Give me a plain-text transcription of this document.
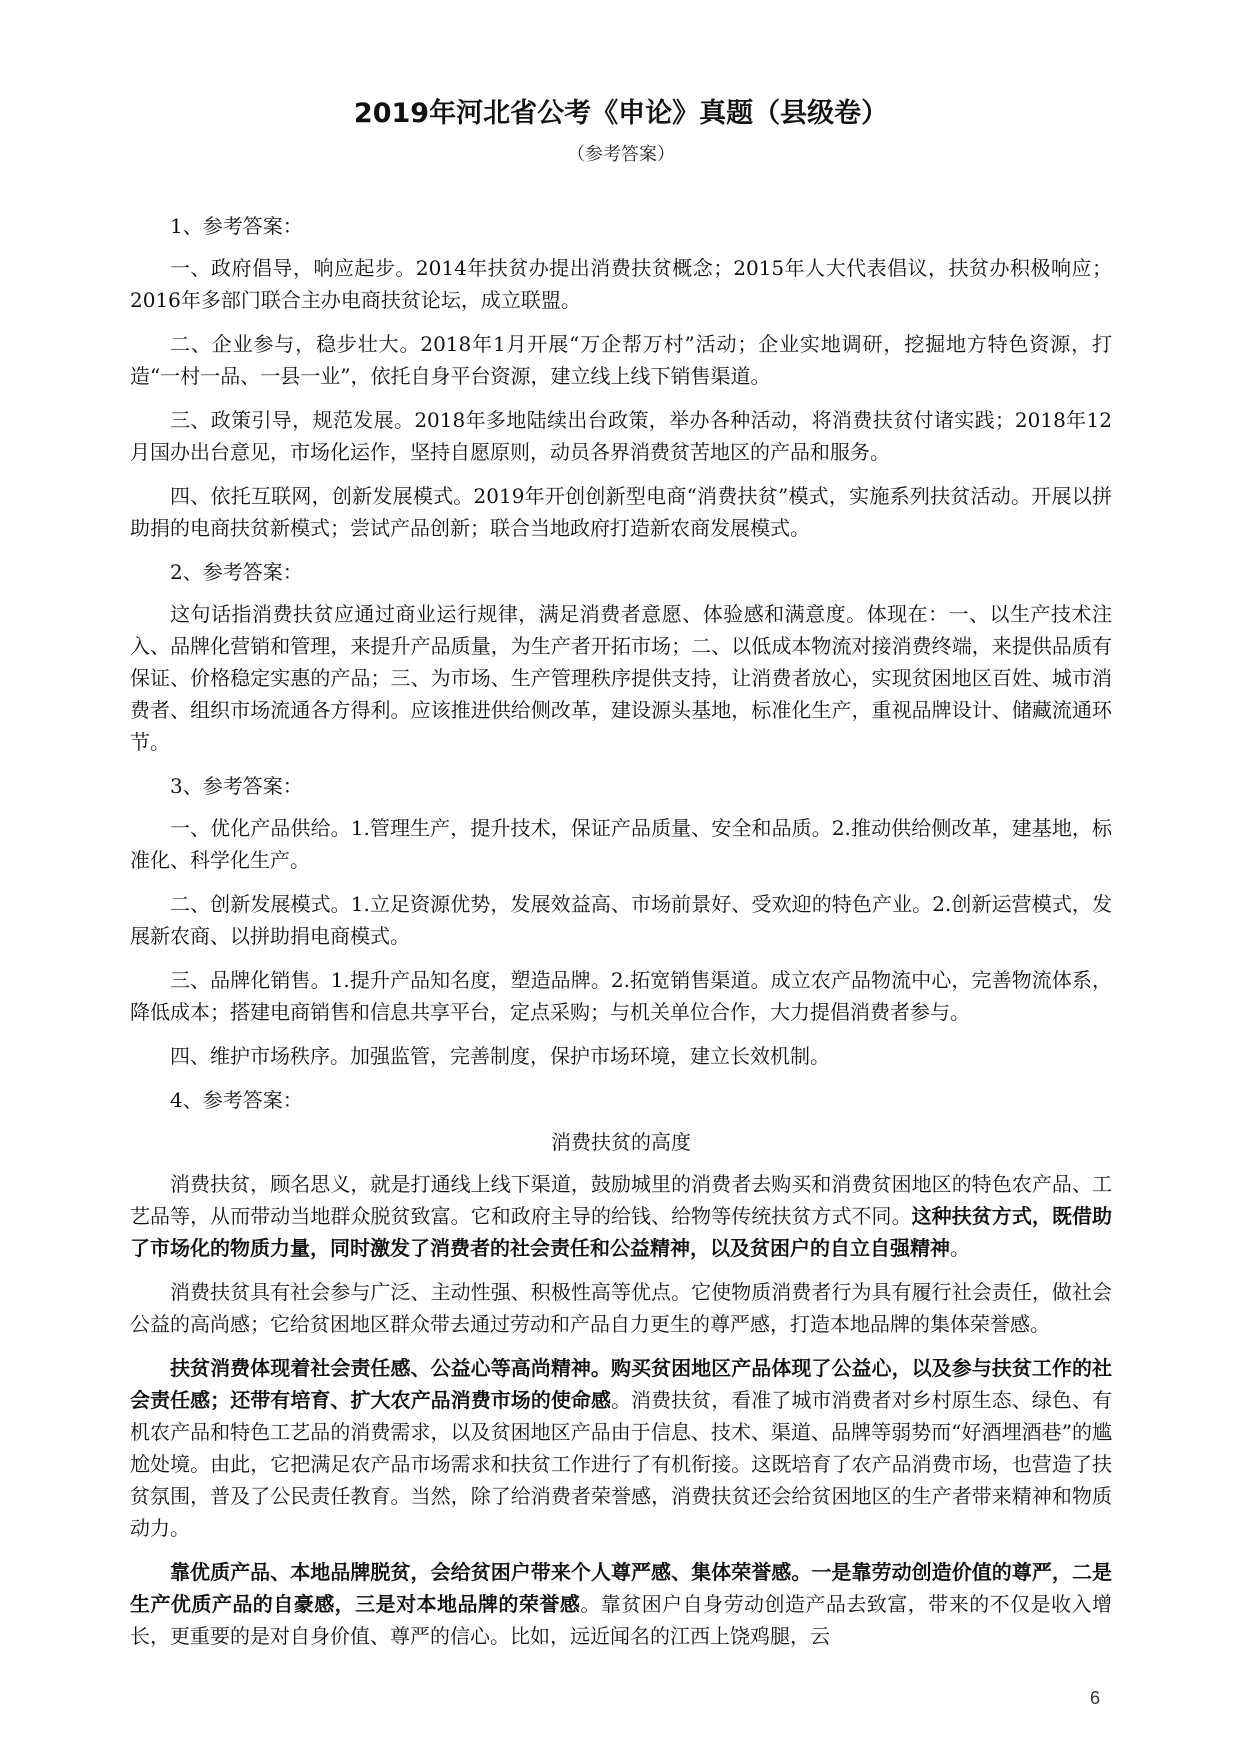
2019年河北省公考《申论》真题（县级卷）
（参考答案）

1、参考答案：

一、政府倡导，响应起步。2014年扶贫办提出消费扶贫概念；2015年人大代表倡议，扶贫办积极响应；2016年多部门联合主办电商扶贫论坛，成立联盟。

二、企业参与，稳步壮大。2018年1月开展“万企帮万村”活动；企业实地调研，挖掘地方特色资源，打造“一村一品、一县一业”，依托自身平台资源，建立线上线下销售渠道。

三、政策引导，规范发展。2018年多地陆续出台政策，举办各种活动，将消费扶贫付诸实践；2018年12月国办出台意见，市场化运作，坚持自愿原则，动员各界消费贫苦地区的产品和服务。

四、依托互联网，创新发展模式。2019年开创创新型电商“消费扶贫”模式，实施系列扶贫活动。开展以拼助捐的电商扶贫新模式；尝试产品创新；联合当地政府打造新农商发展模式。

2、参考答案：

这句话指消费扶贫应通过商业运行规律，满足消费者意愿、体验感和满意度。体现在：一、以生产技术注入、品牌化营销和管理，来提升产品质量，为生产者开拓市场；二、以低成本物流对接消费终端，来提供品质有保证、价格稳定实惠的产品；三、为市场、生产管理秩序提供支持，让消费者放心，实现贫困地区百姓、城市消费者、组织市场流通各方得利。应该推进供给侧改革，建设源头基地，标准化生产，重视品牌设计、储藏流通环节。

3、参考答案：

一、优化产品供给。1.管理生产，提升技术，保证产品质量、安全和品质。2.推动供给侧改革，建基地，标准化、科学化生产。

二、创新发展模式。1.立足资源优势，发展效益高、市场前景好、受欢迎的特色产业。2.创新运营模式，发展新农商、以拼助捐电商模式。

三、品牌化销售。1.提升产品知名度，塑造品牌。2.拓宽销售渠道。成立农产品物流中心，完善物流体系，降低成本；搭建电商销售和信息共享平台，定点采购；与机关单位合作，大力提倡消费者参与。

四、维护市场秩序。加强监管，完善制度，保护市场环境，建立长效机制。

4、参考答案：

消费扶贫的高度

消费扶贫，顾名思义，就是打通线上线下渠道，鼓励城里的消费者去购买和消费贫困地区的特色农产品、工艺品等，从而带动当地群众脱贫致富。它和政府主导的给钱、给物等传统扶贫方式不同。这种扶贫方式，既借助了市场化的物质力量，同时激发了消费者的社会责任和公益精神，以及贫困户的自立自强精神。

消费扶贫具有社会参与广泛、主动性强、积极性高等优点。它使物质消费者行为具有履行社会责任，做社会公益的高尚感；它给贫困地区群众带去通过劳动和产品自力更生的尊严感，打造本地品牌的集体荣誉感。

扶贫消费体现着社会责任感、公益心等高尚精神。购买贫困地区产品体现了公益心，以及参与扶贫工作的社会责任感；还带有培育、扩大农产品消费市场的使命感。消费扶贫，看准了城市消费者对乡村原生态、绿色、有机农产品和特色工艺品的消费需求，以及贫困地区产品由于信息、技术、渠道、品牌等弱势而“好酒埋酒巷”的尴尬处境。由此，它把满足农产品市场需求和扶贫工作进行了有机衔接。这既培育了农产品消费市场，也营造了扶贫氛围，普及了公民责任教育。当然，除了给消费者荣誉感，消费扶贫还会给贫困地区的生产者带来精神和物质动力。

靠优质产品、本地品牌脱贫，会给贫困户带来个人尊严感、集体荣誉感。一是靠劳动创造价值的尊严，二是生产优质产品的自豪感，三是对本地品牌的荣誉感。靠贫困户自身劳动创造产品去致富，带来的不仅是收入增长，更重要的是对自身价值、尊严的信心。比如，远近闻名的江西上饶鸡腿，云

6
